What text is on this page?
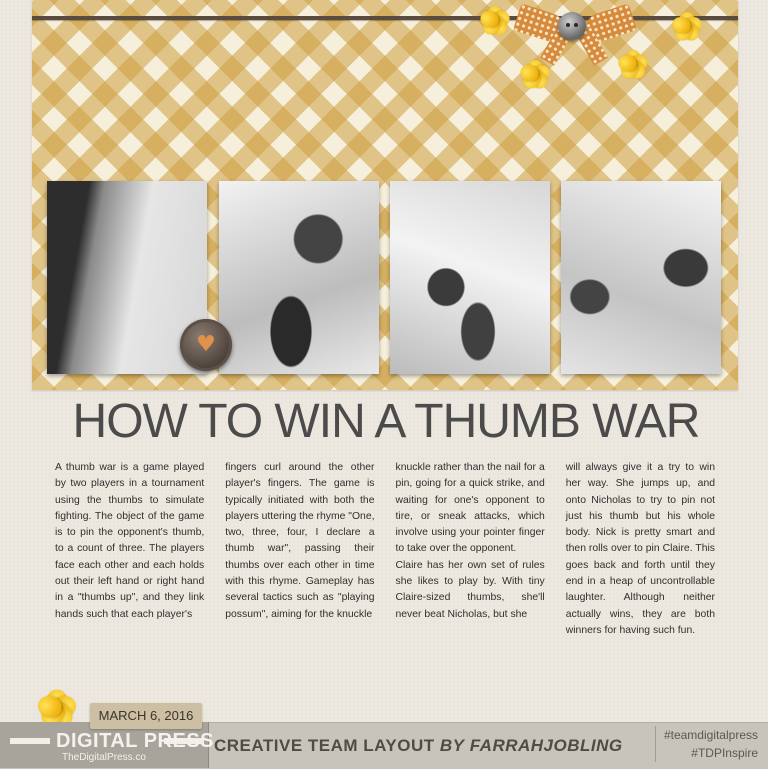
♥
HOW TO WIN A THUMB WAR

A thumb war is a game played by two players in a tournament using the thumbs to simulate fighting. The object of the game is to pin the opponent's thumb, to a count of three. The players face each other and each holds out their left hand or right hand in a "thumbs up", and they link hands such that each player's

fingers curl around the other player's fingers. The game is typically initiated with both the players uttering the rhyme "One, two, three, four, I declare a thumb war", passing their thumbs over each other in time with this rhyme. Gameplay has several tactics such as "playing possum", aiming for the knuckle

knuckle rather than the nail for a pin, going for a quick strike, and waiting for one's opponent to tire, or sneak attacks, which involve using your pointer finger to take over the opponent.
Claire has her own set of rules she likes to play by. With tiny Claire-sized thumbs, she'll never beat Nicholas, but she

will always give it a try to win her way. She jumps up, and onto Nicholas to try to pin not just his thumb but his whole body. Nick is pretty smart and then rolls over to pin Claire. This goes back and forth until they end in a heap of uncontrollable laughter. Although neither actually wins, they are both winners for having such fun.

DIGITAL PRESS
TheDigitalPress.co
MARCH 6, 2016
CREATIVE TEAM LAYOUT BY FARRAHJOBLING
#teamdigitalpress
#TDPInspire
